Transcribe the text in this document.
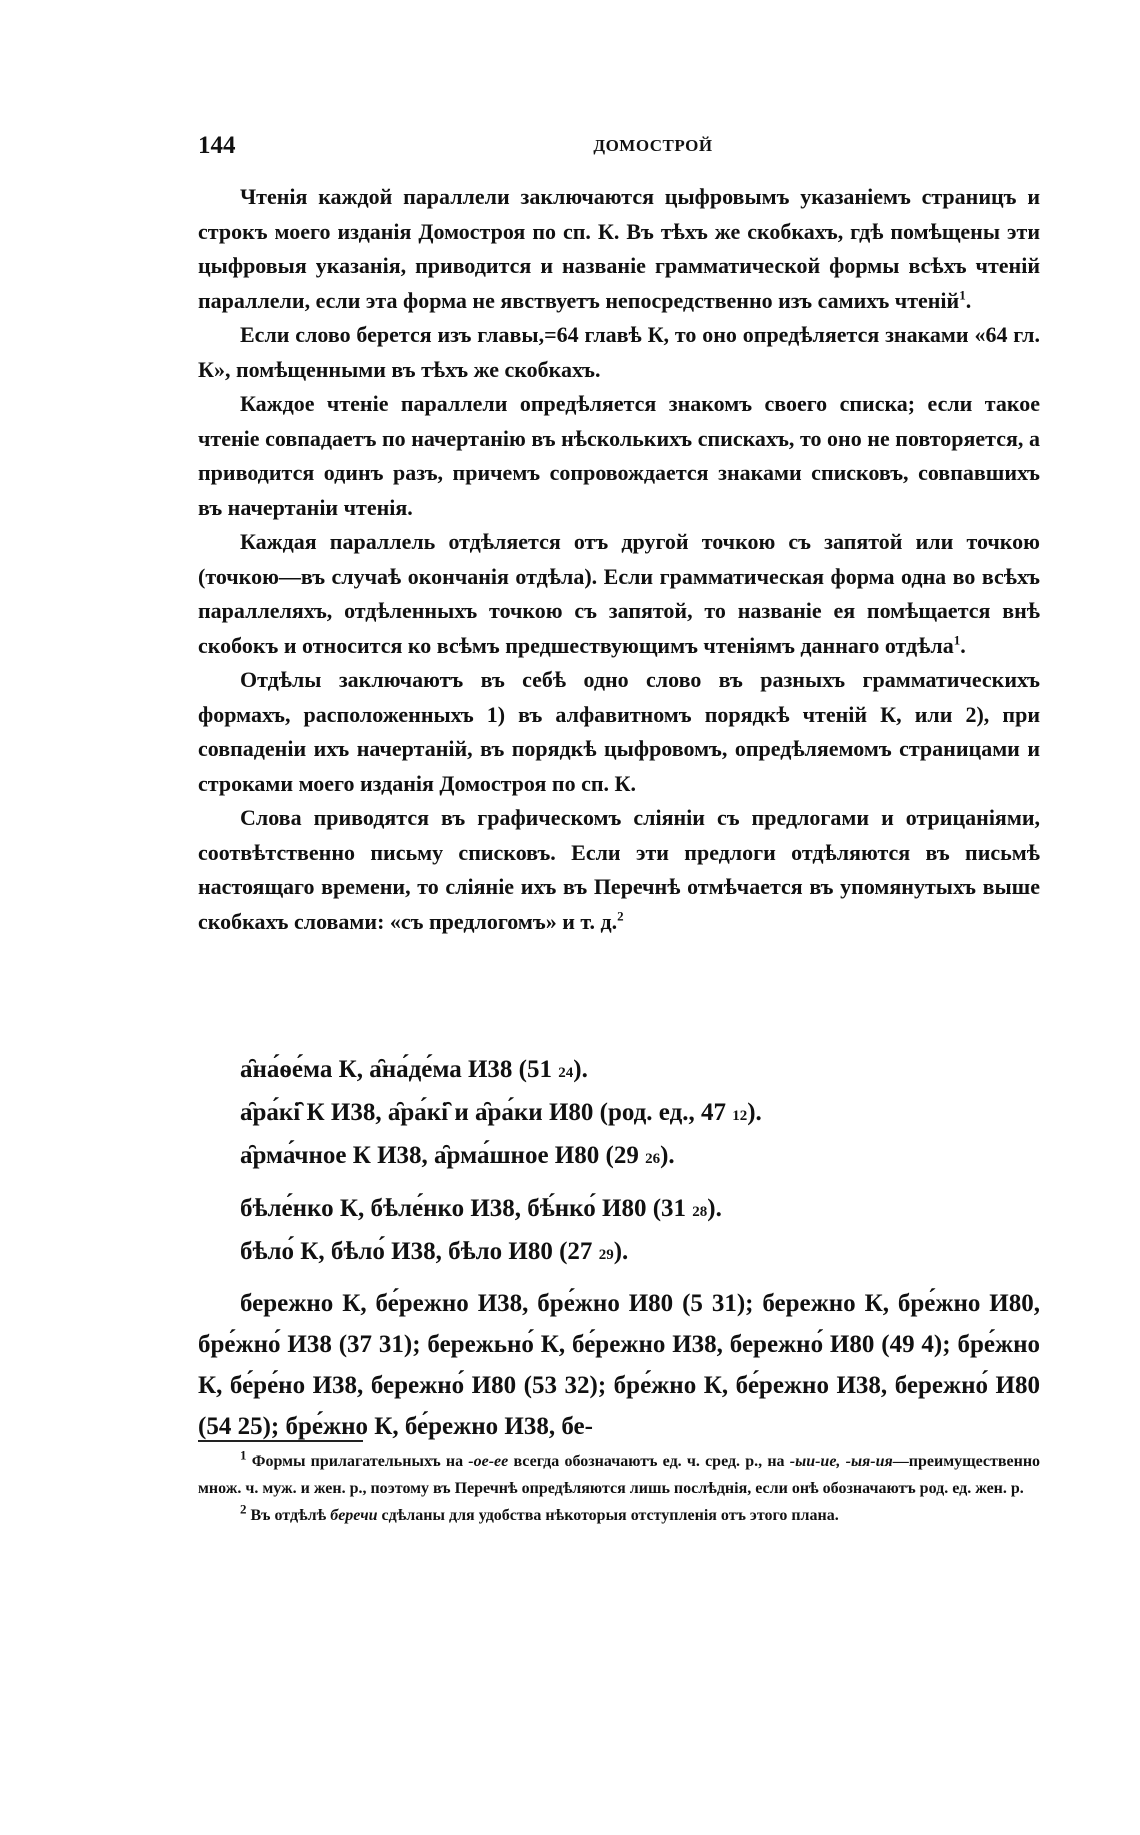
144	ДОМОСТРОЙ

Чтенія каждой параллели заключаются цыфровымъ указаніемъ страницъ и строкъ моего изданія Домостроя по сп. К. Въ тѣхъ же скобкахъ, гдѣ помѣщены эти цыфровыя указанія, приводится и названіе грамматической формы всѣхъ чтеній параллели, если эта форма не явствуетъ непосредственно изъ самихъ чтеній$^1$.

Если слово берется изъ главы,=64 главѣ К, то оно опредѣляется знаками «64 гл. К», помѣщенными въ тѣхъ же скобкахъ.

Каждое чтеніе параллели опредѣляется знакомъ своего списка; если такое чтеніе совпадаетъ по начертанію въ нѣсколькихъ спискахъ, то оно не повторяется, а приводится одинъ разъ, причемъ сопровождается знаками списковъ, совпавшихъ въ начертаніи чтенія.

Каждая параллель отдѣляется отъ другой точкою съ запятой или точкою (точкою—въ случаѣ окончанія отдѣла). Если грамматическая форма одна во всѣхъ параллеляхъ, отдѣленныхъ точкою съ запятой, то названіе ея помѣщается внѣ скобокъ и относится ко всѣмъ предшествующимъ чтеніямъ даннаго отдѣла$^1$.

Отдѣлы заключаютъ въ себѣ одно слово въ разныхъ грамматическихъ формахъ, расположенныхъ 1) въ алфавитномъ порядкѣ чтеній К, или 2), при совпаденіи ихъ начертаній, въ порядкѣ цыфровомъ, опредѣляемомъ страницами и строками моего изданія Домостроя по сп. К.

Слова приводятся въ графическомъ сліяніи съ предлогами и отрицаніями, соотвѣтственно письму списковъ. Если эти предлоги отдѣляются въ письмѣ настоящаго времени, то сліяніе ихъ въ Перечнѣ отмѣчается въ упомянутыхъ выше скобкахъ словами: «съ предлогомъ» и т. д.$^2$

а̑на́ѳе́ма К, а̑на́де́ма И38 (51 24).

а̑ра́кі̑ К И38, а̑ра́кі̑ и а̑ра́ки И80 (род. ед., 47 12).

а̑рма́чное К И38, а̑рма́шное И80 (29 26).

бѣле́нко К, бѣле́нко И38, бѣ́нко́ И80 (31 28).

бѣло́ К, бѣло́ И38, бѣло И80 (27 29).

бережно К, бе́режно И38, бре́жно И80 (5 31); бережно К, бре́жно И80, бре́жно́ И38 (37 31); бережьно́ К, бе́режно И38, бережно́ И80 (49 4); бре́жно К, бе́ре́но И38, бережно́ И80 (53 32); бре́жно К, бе́режно И38, бережно́ И80 (54 25); бре́жно К, бе́режно И38, бе-

$^1$ Формы прилагательныхъ на -ое-ее всегда обозначаютъ ед. ч. сред. р., на -ыи-ие, -ыя-ия—преимущественно множ. ч. муж. и жен. р., поэтому въ Перечнѣ опредѣляются лишь послѣднія, если онѣ обозначаютъ род. ед. жен. р.

$^2$ Въ отдѣлѣ беречи сдѣланы для удобства нѣкоторыя отступленія отъ этого плана.
